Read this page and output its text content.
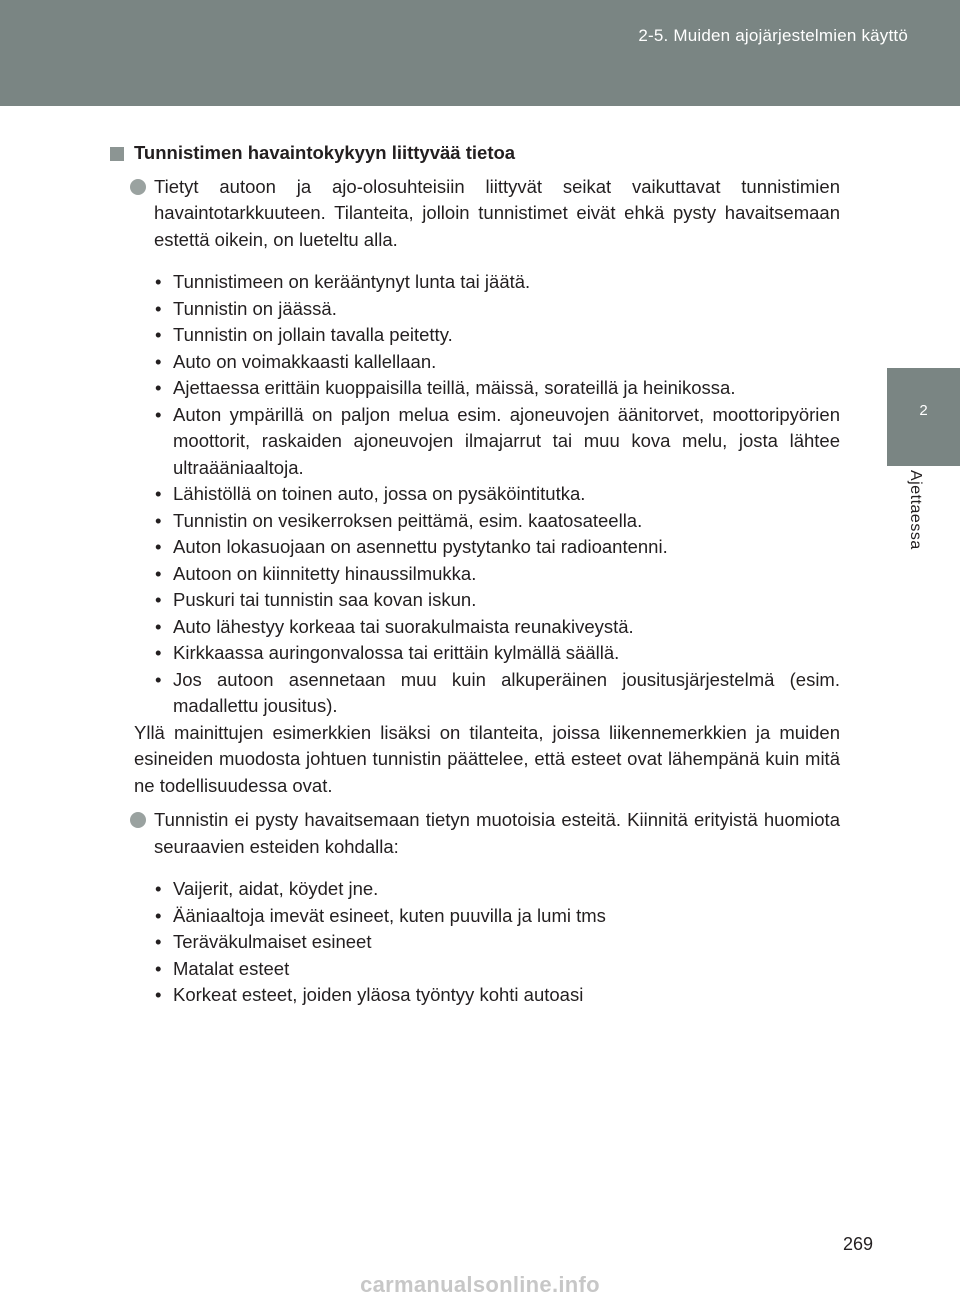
2-5. Muiden ajojärjestelmien käyttö
2
Ajettaessa
Tunnistimen havaintokykyyn liittyvää tietoa
Tietyt autoon ja ajo-olosuhteisiin liittyvät seikat vaikuttavat tunnistimien havaintotarkkuuteen. Tilanteita, jolloin tunnistimet eivät ehkä pysty havaitsemaan estettä oikein, on lueteltu alla.
• Tunnistimeen on kerääntynyt lunta tai jäätä.
• Tunnistin on jäässä.
• Tunnistin on jollain tavalla peitetty.
• Auto on voimakkaasti kallellaan.
• Ajettaessa erittäin kuoppaisilla teillä, mäissä, sorateillä ja heinikossa.
• Auton ympärillä on paljon melua esim. ajoneuvojen äänitorvet, moottoripyörien moottorit, raskaiden ajoneuvojen ilmajarrut tai muu kova melu, josta lähtee ultraääniaaltoja.
• Lähistöllä on toinen auto, jossa on pysäköintitutka.
• Tunnistin on vesikerroksen peittämä, esim. kaatosateella.
• Auton lokasuojaan on asennettu pystytanko tai radioantenni.
• Autoon on kiinnitetty hinaussilmukka.
• Puskuri tai tunnistin saa kovan iskun.
• Auto lähestyy korkeaa tai suorakulmaista reunakiveystä.
• Kirkkaassa auringonvalossa tai erittäin kylmällä säällä.
• Jos autoon asennetaan muu kuin alkuperäinen jousitusjärjestelmä (esim. madallettu jousitus).
Yllä mainittujen esimerkkien lisäksi on tilanteita, joissa liikennemerkkien ja muiden esineiden muodosta johtuen tunnistin päättelee, että esteet ovat lähempänä kuin mitä ne todellisuudessa ovat.
Tunnistin ei pysty havaitsemaan tietyn muotoisia esteitä. Kiinnitä erityistä huomiota seuraavien esteiden kohdalla:
• Vaijerit, aidat, köydet jne.
• Ääniaaltoja imevät esineet, kuten puuvilla ja lumi tms
• Teräväkulmaiset esineet
• Matalat esteet
• Korkeat esteet, joiden yläosa työntyy kohti autoasi
269
carmanualsonline.info
